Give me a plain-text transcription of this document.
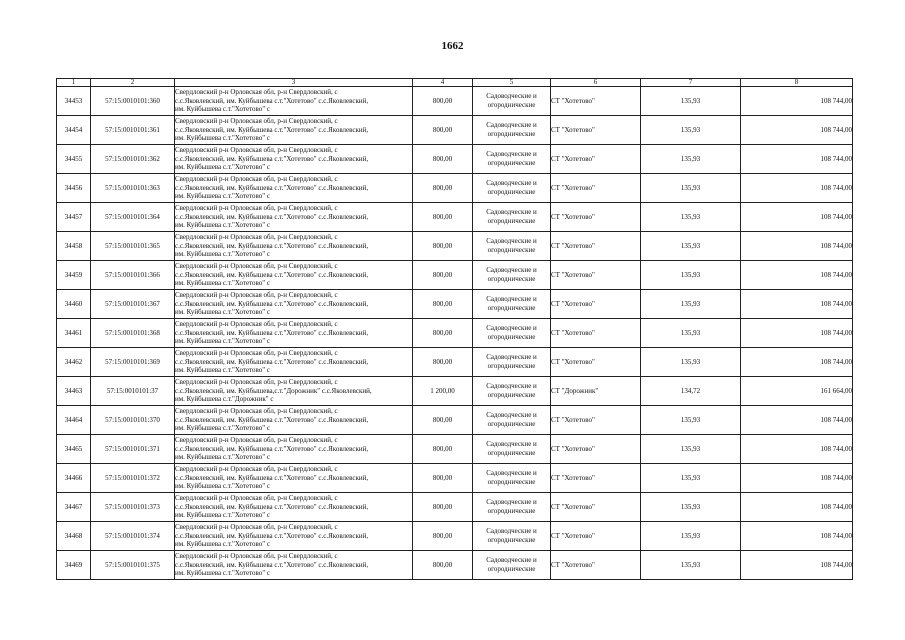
1662
1	2	3	4	5	6	7	8
34453	57:15:0010101:360	Свердловский р-н Орловская обл, р-н Свердловский, с
с.с.Яковлевский, им. Куйбышева с.т."Хотетово" с.с.Яковлевский,
им. Куйбышева с.т."Хотетово" с	800,00	Садоводческие и
огороднические	СТ "Хотетово"	135,93	108 744,00
34454	57:15:0010101:361	Свердловский р-н Орловская обл, р-н Свердловский, с
с.с.Яковлевский, им. Куйбышева с.т."Хотетово" с.с.Яковлевский,
им. Куйбышева с.т."Хотетово" с	800,00	Садоводческие и
огороднические	СТ "Хотетово"	135,93	108 744,00
34455	57:15:0010101:362	Свердловский р-н Орловская обл, р-н Свердловский, с
с.с.Яковлевский, им. Куйбышева с.т."Хотетово" с.с.Яковлевский,
им. Куйбышева с.т."Хотетово" с	800,00	Садоводческие и
огороднические	СТ "Хотетово"	135,93	108 744,00
34456	57:15:0010101:363	Свердловский р-н Орловская обл, р-н Свердловский, с
с.с.Яковлевский, им. Куйбышева с.т."Хотетово" с.с.Яковлевский,
им. Куйбышева с.т."Хотетово" с	800,00	Садоводческие и
огороднические	СТ "Хотетово"	135,93	108 744,00
34457	57:15:0010101:364	Свердловский р-н Орловская обл, р-н Свердловский, с
с.с.Яковлевский, им. Куйбышева с.т."Хотетово" с.с.Яковлевский,
им. Куйбышева с.т."Хотетово" с	800,00	Садоводческие и
огороднические	СТ "Хотетово"	135,93	108 744,00
34458	57:15:0010101:365	Свердловский р-н Орловская обл, р-н Свердловский, с
с.с.Яковлевский, им. Куйбышева с.т."Хотетово" с.с.Яковлевский,
им. Куйбышева с.т."Хотетово" с	800,00	Садоводческие и
огороднические	СТ "Хотетово"	135,93	108 744,00
34459	57:15:0010101:366	Свердловский р-н Орловская обл, р-н Свердловский, с
с.с.Яковлевский, им. Куйбышева с.т."Хотетово" с.с.Яковлевский,
им. Куйбышева с.т."Хотетово" с	800,00	Садоводческие и
огороднические	СТ "Хотетово"	135,93	108 744,00
34460	57:15:0010101:367	Свердловский р-н Орловская обл, р-н Свердловский, с
с.с.Яковлевский, им. Куйбышева с.т."Хотетово" с.с.Яковлевский,
им. Куйбышева с.т."Хотетово" с	800,00	Садоводческие и
огороднические	СТ "Хотетово"	135,93	108 744,00
34461	57:15:0010101:368	Свердловский р-н Орловская обл, р-н Свердловский, с
с.с.Яковлевский, им. Куйбышева с.т."Хотетово" с.с.Яковлевский,
им. Куйбышева с.т."Хотетово" с	800,00	Садоводческие и
огороднические	СТ "Хотетово"	135,93	108 744,00
34462	57:15:0010101:369	Свердловский р-н Орловская обл, р-н Свердловский, с
с.с.Яковлевский, им. Куйбышева с.т."Хотетово" с.с.Яковлевский,
им. Куйбышева с.т."Хотетово" с	800,00	Садоводческие и
огороднические	СТ "Хотетово"	135,93	108 744,00
34463	57:15:0010101:37	Свердловский р-н Орловская обл, р-н Свердловский, с
с.с.Яковлевский, им. Куйбышева,с.т."Дорожник" с.с.Яковлевский,
им. Куйбышева с.т."Дорожник" с	1 200,00	Садоводческие и
огороднические	СТ "Дорожник"	134,72	161 664,00
34464	57:15:0010101:370	Свердловский р-н Орловская обл, р-н Свердловский, с
с.с.Яковлевский, им. Куйбышева с.т."Хотетово" с.с.Яковлевский,
им. Куйбышева с.т."Хотетово" с	800,00	Садоводческие и
огороднические	СТ "Хотетово"	135,93	108 744,00
34465	57:15:0010101:371	Свердловский р-н Орловская обл, р-н Свердловский, с
с.с.Яковлевский, им. Куйбышева с.т."Хотетово" с.с.Яковлевский,
им. Куйбышева с.т."Хотетово" с	800,00	Садоводческие и
огороднические	СТ "Хотетово"	135,93	108 744,00
34466	57:15:0010101:372	Свердловский р-н Орловская обл, р-н Свердловский, с
с.с.Яковлевский, им. Куйбышева с.т."Хотетово" с.с.Яковлевский,
им. Куйбышева с.т."Хотетово" с	800,00	Садоводческие и
огороднические	СТ "Хотетово"	135,93	108 744,00
34467	57:15:0010101:373	Свердловский р-н Орловская обл, р-н Свердловский, с
с.с.Яковлевский, им. Куйбышева с.т."Хотетово" с.с.Яковлевский,
им. Куйбышева с.т."Хотетово" с	800,00	Садоводческие и
огороднические	СТ "Хотетово"	135,93	108 744,00
34468	57:15:0010101:374	Свердловский р-н Орловская обл, р-н Свердловский, с
с.с.Яковлевский, им. Куйбышева с.т."Хотетово" с.с.Яковлевский,
им. Куйбышева с.т."Хотетово" с	800,00	Садоводческие и
огороднические	СТ "Хотетово"	135,93	108 744,00
34469	57:15:0010101:375	Свердловский р-н Орловская обл, р-н Свердловский, с
с.с.Яковлевский, им. Куйбышева с.т."Хотетово" с.с.Яковлевский,
им. Куйбышева с.т."Хотетово" с	800,00	Садоводческие и
огороднические	СТ "Хотетово"	135,93	108 744,00
